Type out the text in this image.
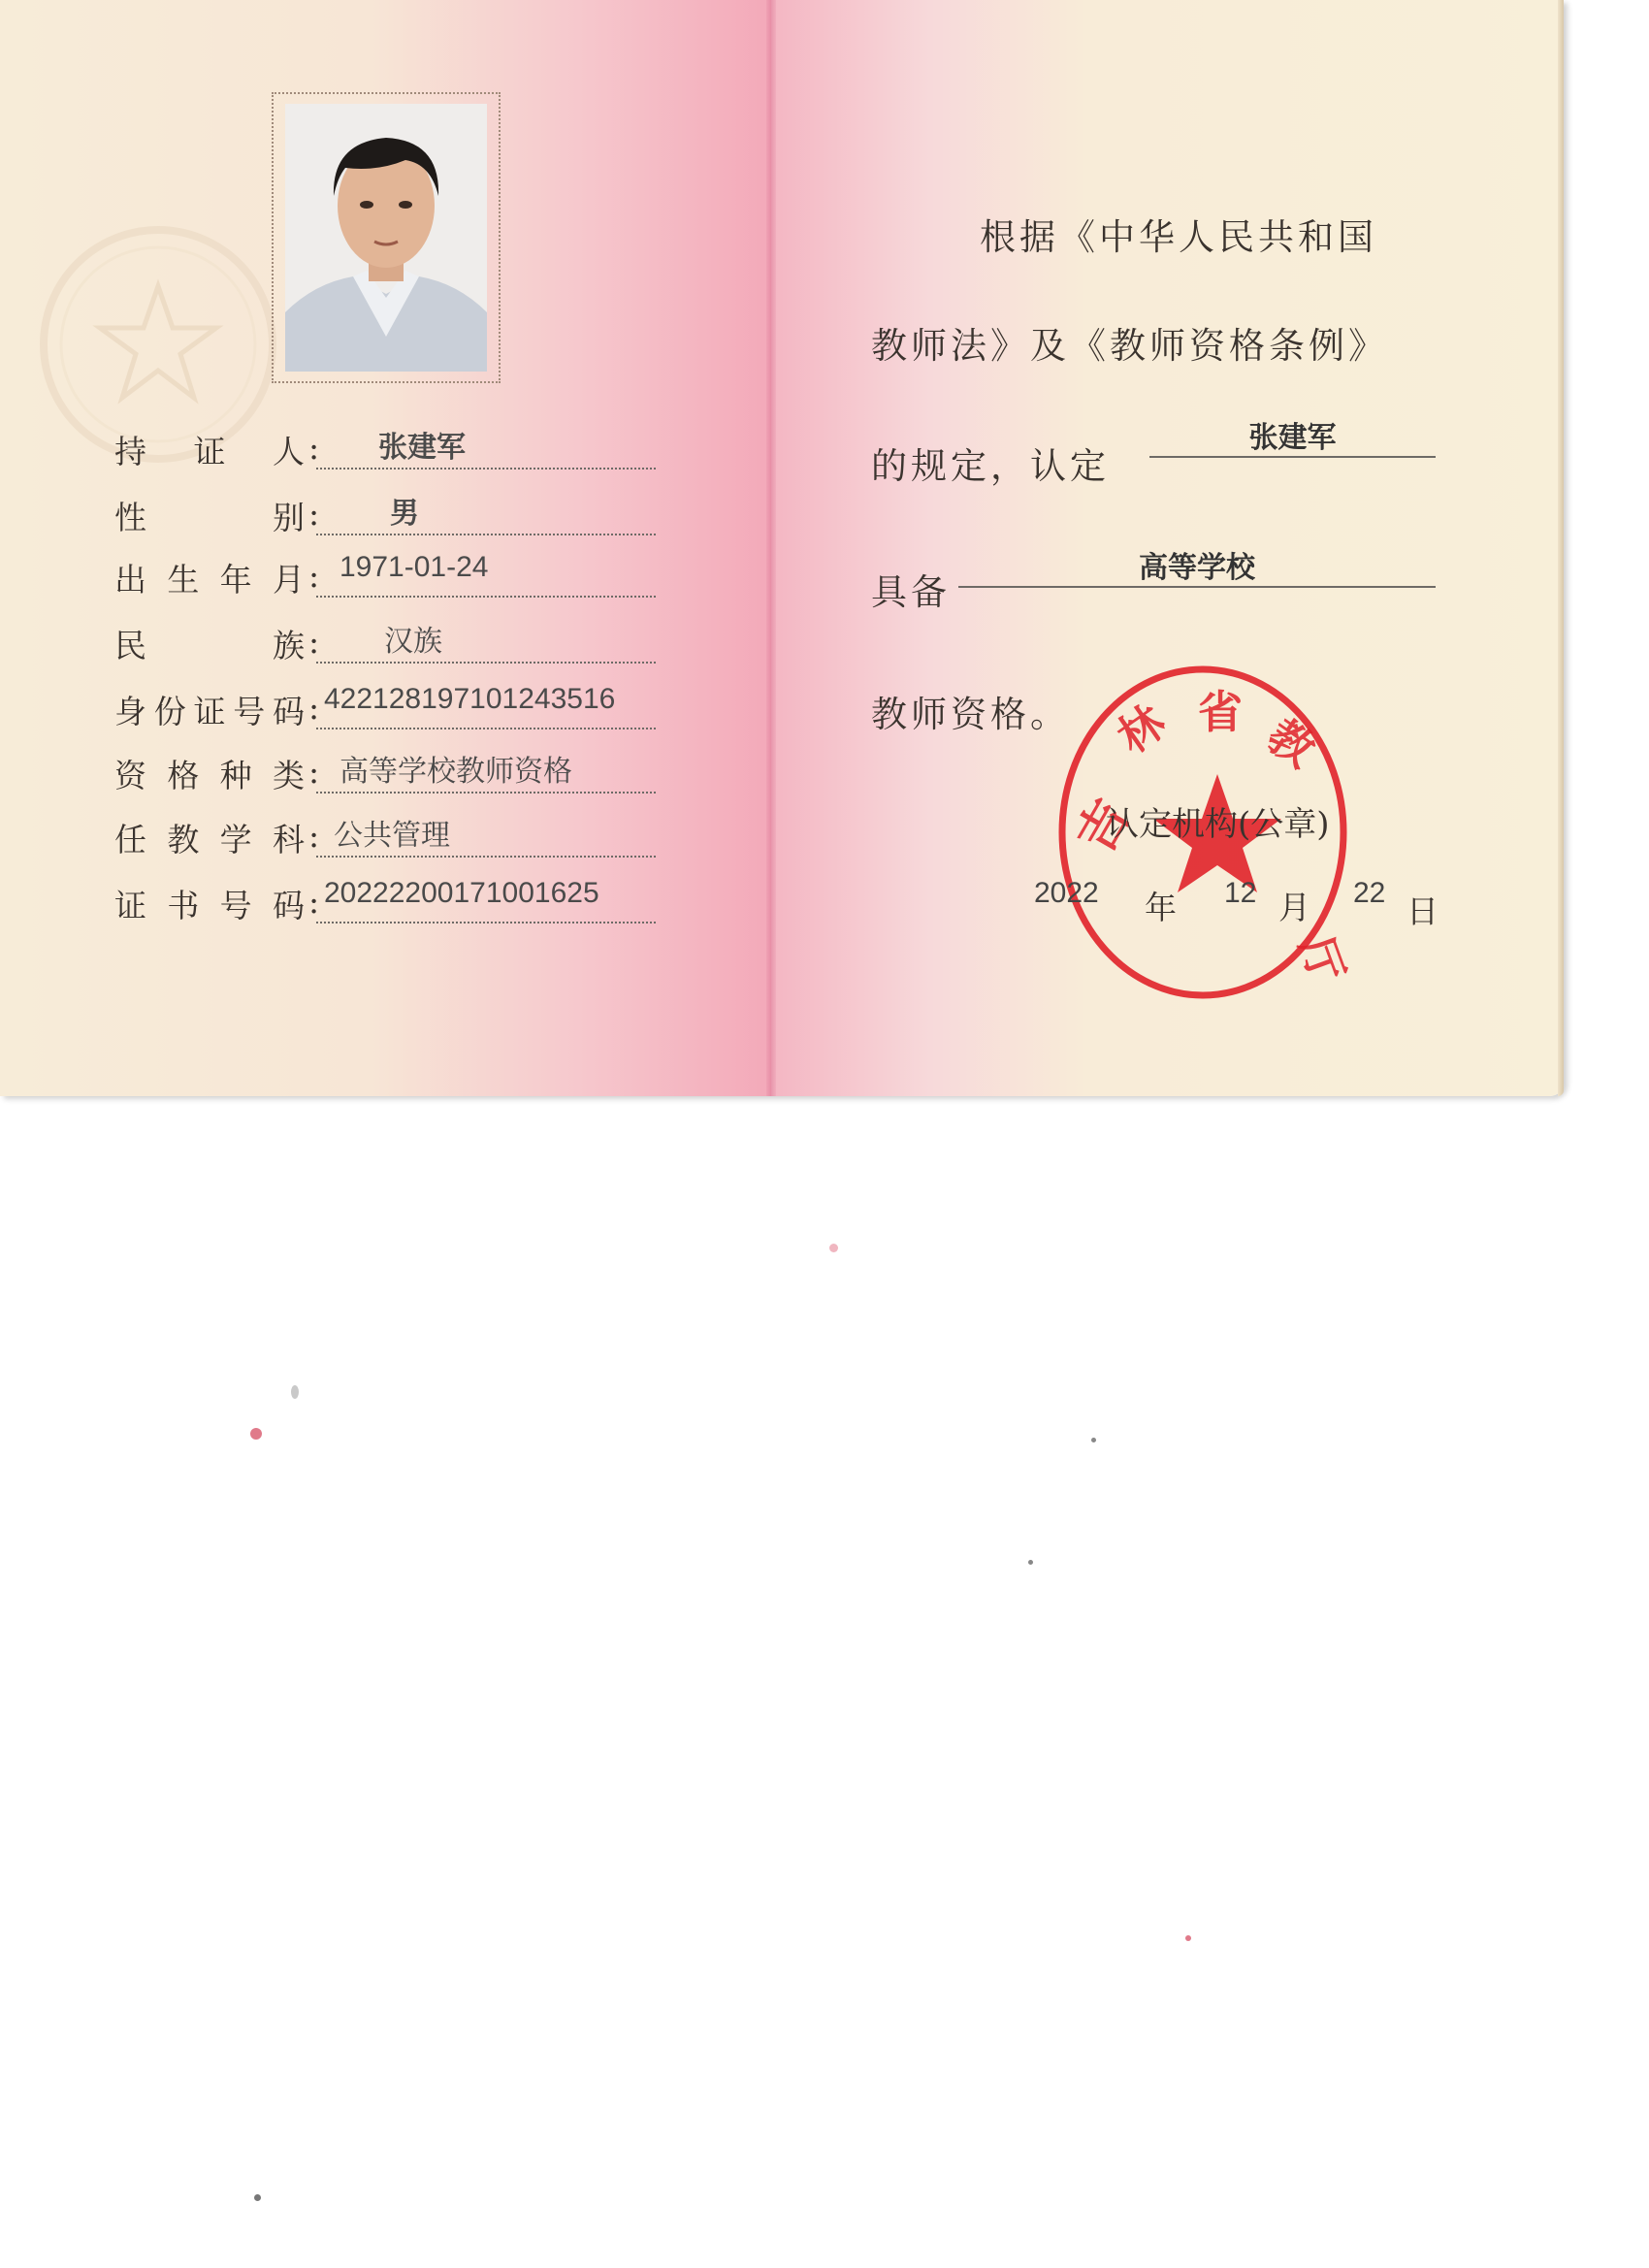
持 证 人 :	张建军
性	别 :	男
出 生 年 月 : 1971-01-24
民	族 :	汉族
身 份 证 号 码 : 422128197101243516
资 格 种 类 : 高等学校教师资格
任 教 学 科 : 公共管理
证 书 号 码 : 20222200171001625
根据《中华人民共和国
教师法》及《教师资格条例》
的规定，认定
张建军
具备
高等学校
教师资格。
吉
林 省 教
厅
认定机构(公章)
2022 年 12 月 22 日
